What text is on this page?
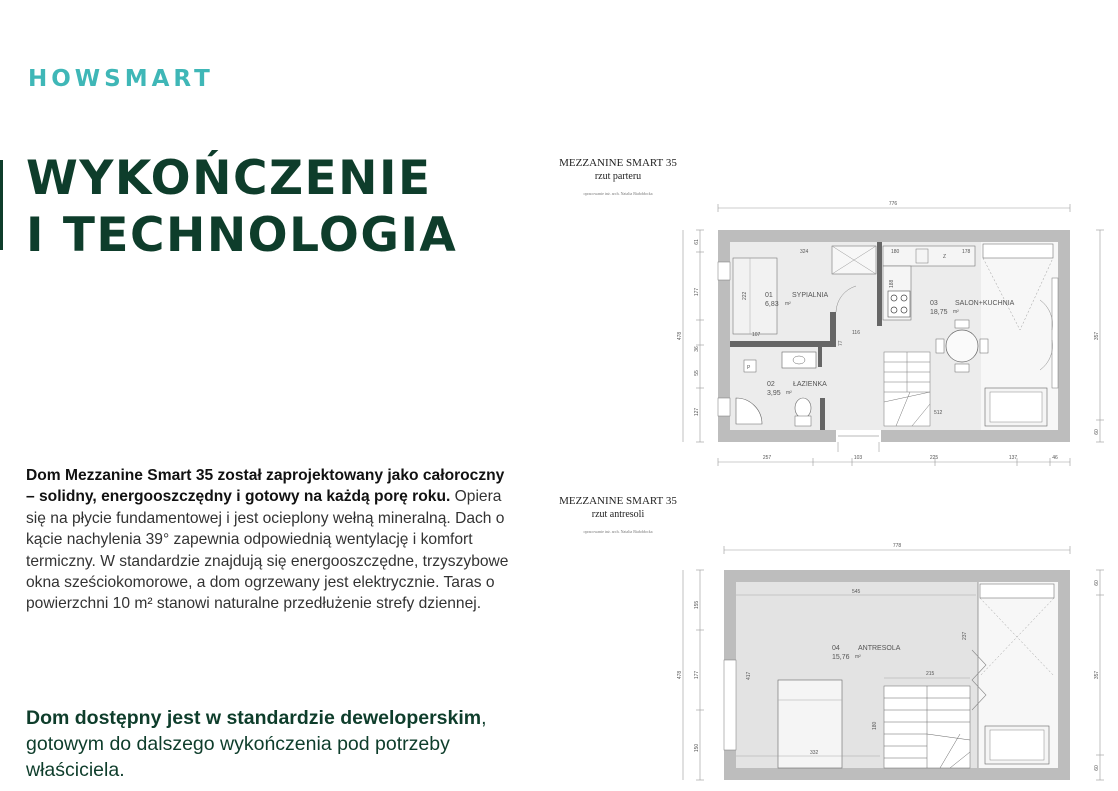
HOWSMART
WYKOŃCZENIE
I TECHNOLOGIA
Dom Mezzanine Smart 35 został zaprojektowany jako całoroczny – solidny, energooszczędny i gotowy na każdą porę roku. Opiera się na płycie fundamentowej i jest ocieplony wełną mineralną. Dach o kącie nachylenia 39° zapewnia odpowiednią wentylację i komfort termiczny. W standardzie znajdują się energooszczędne, trzyszybowe okna sześciokomorowe, a dom ogrzewany jest elektrycznie. Taras o powierzchni 10 m² stanowi naturalne przedłużenie strefy dziennej.
Dom dostępny jest w standardzie deweloperskim, gotowym do dalszego wykończenia pod potrzeby właściciela.
MEZZANINE SMART 35
rzut parteru
opracowanie inż. arch. Natalia Białobłocka
MEZZANINE SMART 35
rzut antresoli
opracowanie inż. arch. Natalia Białobłocka
776
257	103	225	137	46
478
61
177
36
55
127
357
60
Z
P
01
6,83 m²
SYPIALNIA
02
3,95 m²
ŁAZIENKA
03
18,75 m²
SALON+KUCHNIA
324	180	178
222
116
77
512
107
188
778
478
155
177
150
357
60
60
04
15,76 m²
ANTRESOLA
545
237
215
180
332
417
